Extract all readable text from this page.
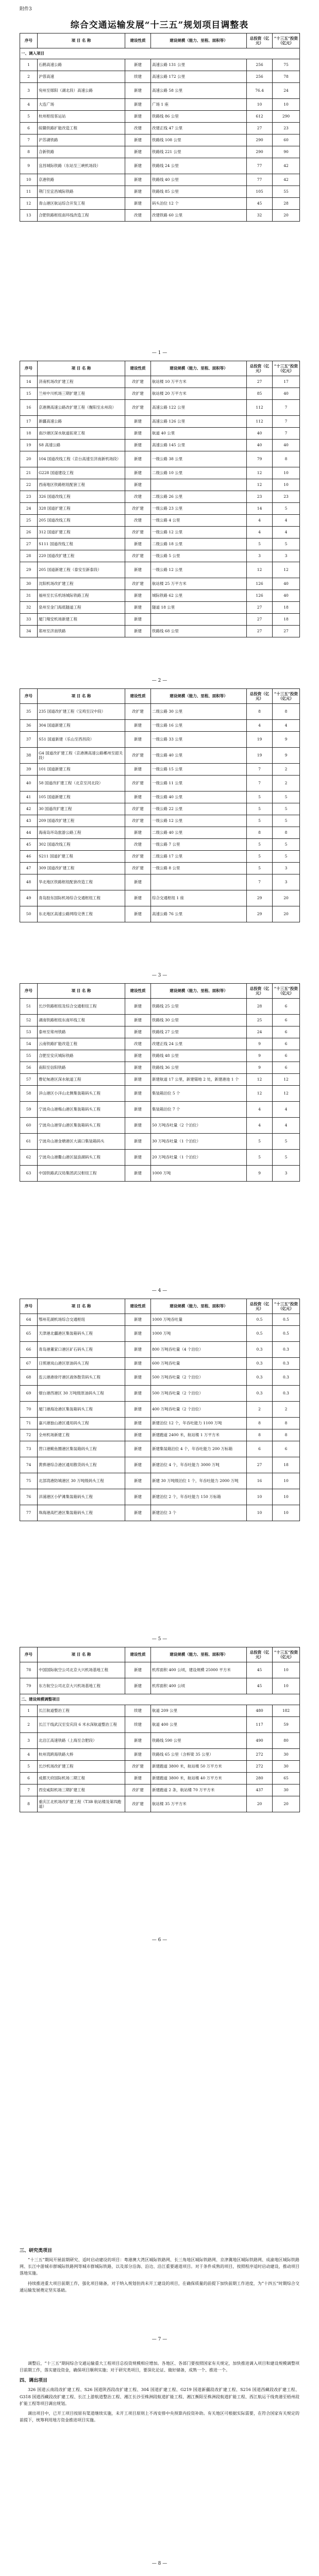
附件3
综合交通运输发展“十三五”规划项目调整表
序号	项 目 名 称	建设性质	建设规模（能力、里程、面积等）	总投资（亿元）	“十三五”投资（亿元）
一、调入项目					
1	石鹤高速公路	新建	高速公路 131 公里	256	75
2	沪蓉高速	续建	高速公路 172 公里	256	78
3	宛州至郧阳（湖北段）高速公路	新建	高速公路 58 公里	76.4	24
4	大连广场	新建	广场 1 座	10	10
5	杭州枢纽客运站	新建	铁路线 86 公里	612	290
6	皖赣铁路扩能改造工程	改建	改建正线 47 公里	27	23
7	沪苏湖铁路	新建	铁路线 108 公里	290	60
8	合新铁路	新建	铁路线 221 公里	290	90
9	宜昌城际铁路（东站至三峡机场段）	新建	铁路线 24 公里	77	42
10	京港铁路	新建	铁路线 40 公里	77	42
11	荆门至宜昌城际铁路	新建	铁路线 85 公里	105	55
12	青山港区航运综合开发工程	新建	码头泊位 12 个	45	28
13	合肥铁路枢纽南环线改造工程	改建	改建铁路 60 公里	32	20
— 1 —
序号	项 目 名 称	建设性质	建设规模（能力、里程、面积等）	总投资（亿元）	“十三五”投资（亿元）
14	济南机场改扩建工程	改扩建	航站楼 10 万平方米	27	17
15	兰州中川机场三期扩建工程	改扩建	航站楼 20 万平方米	85	40
16	京港澳高速公路改扩建工程（衡阳至永州段）	改扩建	高速公路 122 公里	112	7
17	新疆高速公路	新建	高速公路 126 公里	112	7
18	南沙港区深水航道拓宽工程	新建	航道 40 公里	40	7
19	S8 高速公路	新建	高速公路 145 公里	40	40
20	104 国道改线工程（京台高速至济南新机场段）	新建	一级公路 38 公里	79	8
21	G228 国道建设工程	新建	二级公路 10 公里	12	10
22	西南地区铁路枢纽配套工程	新建		12	10
23	326 国道改线工程	改建	二级公路 26 公里	23	23
24	328 国道扩建工程	改扩建	一级公路 23 公里	14	5
25	205 国道改线工程	改建	一级公路 4 公里	4	4
26	312 国道扩建工程	改扩建	一级公路 12 公里	4	4
27	S111 国道改线工程	新建	二级公路 18 公里	5	5
28	220 国道改扩建工程	改扩建	一级公路 5 公里	3	3
29	205 国道新建工程（泰安至新泰段）	新建	一级公路 12 公里	12	12
30	沈阳机场改扩建工程	改扩建	航站楼 25 万平方米	126	40
31	福州至长乐机场城际铁路工程	新建	城际铁路 62 公里	126	40
32	泉州至金门海底隧道工程	新建	隧道 18 公里	27	18
33	厦门翔安机场新建工程	新建		27	18
34	郑州至济南铁路	新建	铁路线 68 公里	27	27
— 2 —
序号	项 目 名 称	建设性质	建设规模（能力、里程、面积等）	总投资（亿元）	“十三五”投资（亿元）
35	235 国道改扩建工程（宝鸡至汉中段）	改扩建	二级公路 30 公里	8	8
36	304 国道新建工程	新建	一级公路 16 公里	4	4
37	S51 国道新建（乐山至西昌段）	新建	一级公路 33 公里	19	9
38	G4 国道改扩建工程（京港澳高速公路郴州至韶关段）	改扩建	一级公路 40 公里	19	9
39	101 国道新建工程	新建	一级公路 15 公里	7	2
40	58 国道改扩建工程（北京至河北段）	改扩建	一级公路 11 公里	7	2
41	105 国道新建工程	新建	一级公路 40 公里	5	5
42	30 国道改扩建工程	改扩建	一级公路 22 公里	5	5
43	209 国道改扩建工程	改扩建	一级公路 12 公里	5	5
44	海南岛环岛旅游公路工程	新建	二级公路 40 公里	8	8
45	302 国道改线工程	改建	一级公路 7 公里	5	5
46	S211 国道扩建工程	改扩建	二级公路 17 公里	5	5
47	309 国道改扩建工程	改扩建	一级公路 8 公里	5	3
48	华北地区铁路枢纽配套改造工程	新建		7	3
49	青岛胶东国际机场综合交通枢纽工程	新建	综合交通枢纽 1 座	29	20
50	东北地区高速公路网络完善工程	新建	高速公路 76 公里	29	20
— 3 —
序号	项 目 名 称	建设性质	建设规模（能力、里程、面积等）	总投资（亿元）	“十三五”投资（亿元）
51	长沙铁路枢纽及综合交通枢纽工程	新建	铁路线 25 公里	28	6
52	湖南铁路枢纽东南环线工程	新建	铁路线 30 公里	25	6
53	泰州至常州铁路	新建	铁路线 27 公里	24	6
54	云南铁路扩能改造工程	改建	改建正线 24 公里	9	6
55	合肥至安庆城际铁路	新建	铁路线 48 公里	9	6
56	南阳至信阳铁路	新建	铁路线 36 公里	9	6
57	曹妃甸港区深水航道工程	新建	新建航道 17 公里，新建锚地 2 处，新建港池 1 个	12	12
58	洋山港区小洋山北侧集装箱码头工程	新建	集装箱泊位 5 个	12	12
59	宁波舟山港梅山港区集装箱码头工程	新建	集装箱泊位 7 个	4	4
60	宁波舟山港穿山港区集装箱码头工程	新建	50 万吨吞吐量（2 个泊位）	4	4
61	宁波舟山港金塘港区大浦口集装箱码头	新建	30 万吨吞吐量（1 个泊位）	5	5
62	宁波舟山港衢山港区鼠浪湖码头工程	新建	20 万吨吞吐量（1 个泊位）	5	5
63	中国铁路武汉局集团武汉枢纽工程	新建	1000 万吨	9	3
— 4 —
序号	项 目 名 称	建设性质	建设规模（能力、里程、面积等）	总投资（亿元）	“十三五”投资（亿元）
64	鄂州花湖机场综合交通枢纽	新建	1000 万吨吞吐量	0.5	0.5
65	天津港北疆港区集装箱码头工程	新建	1000 万吨	0.5	0.5
66	青岛港董家口港区矿石码头工程	新建	800 万吨吞吐量（4 个泊位）	0.3	0.3
67	日照港岚山港区原油码头工程	新建	600 万吨吞吐量	0.3	0.3
68	连云港港徐圩港区液体散货码头工程	新建	500 万吨吞吐量（2 个泊位）	0.3	0.3
69	烟台港西港区 30 万吨级原油码头工程	新建	500 万吨吞吐量（2 个泊位）	0.3	0.3
70	厦门港海沧港区集装箱码头工程	新建	400 万吨吞吐量（2 个泊位）	2	2
71	嘉兴港独山港区通用码头工程	新建	新建泊位 12 个，年吞吐能力 1100 万吨	8	8
72	全州机场新建工程	新建	新建跑道 2400 米，航站楼 1 万平方米	8	8
73	营口港鲅鱼圈港区集装箱码头工程	新建	新建集装箱泊位 4 个，年吞吐能力 200 万标箱	6	6
74	黄骅港综合港区通用散货码头工程	新建	新建泊位 4 个，年吞吐能力 3000 万吨	27	18
75	北部湾港防城港区 30 万吨级码头工程	新建	新建 30 万吨级泊位 1 个，年吞吐能力 2000 万吨	16	10
76	洋浦港区小铲滩集装箱码头工程	新建	新建泊位 2 个，年吞吐能力 150 万标箱	10	10
77	珠海港高栏港区集装箱码头工程	新建	新建泊位 3 个	10	10
— 5 —
序号	项 目 名 称	建设性质	建设规模（能力、里程、面积等）	总投资（亿元）	“十三五”投资（亿元）
78	中国国际航空公司北京大兴机场基地工程	新建	机库面积 400 公顷，建设规模 25000 平方米	45	10
79	东方航空公司北京大兴机场基地工程	新建	机库面积 400 公顷	45	10
二、建设规模调整项目					
1	长江航道整治工程	续建	航道 209 公里	480	182
2	长江干线武汉至安庆段 6 米水深航道整治工程	续建	航道 400 公里	117	59
3	北沿江高速铁路（上海至合肥段）	新建	铁路线 590 公里	490	80
4	杭州湾跨海铁路大桥	新建	铁路线 65 公里（含桥梁 35 公里）	272	30
5	长沙机场改扩建工程	改扩建	新建跑道 3800 米，航站楼 50 万平方米	272	30
6	成都天府国际机场二期工程	新建	新建跑道 3800 米，航站楼 40 万平方米	280	65
7	西安咸阳机场三期扩建工程	改扩建	新建跑道 2 条，航站楼 70 万平方米	437	30
8	重庆江北机场改扩建工程（T3B 航站楼及第四跑道）	改扩建	航站楼 35 万平方米	20	20
— 6 —
三、研究类项目

“十三五”期间开展前期研究、适时启动建设的项目：粤港澳大湾区城际铁路网、长三角地区城际铁路网、京津冀地区城际铁路网、成渝地区城际铁路网、长江中游城市群城际铁路网等城市群城际铁路，以及部分沿海、沿边、沿江重要通道项目。对于条件成熟的项目，按照程序适时启动建设，推动项目落地实施。

持续推进重大项目前期工作，强化项目储备，对于纳入规划但尚未开工建设的项目，在确保质量的前提下加快前期工作进度，为“十四五”时期综合交通运输发展奠定坚实基础。

— 7 —

调整后，“十三五”期间综合交通运输重大工程项目总投资规模相应增加。各地区、各部门要按照国家有关规定，加快推进调入项目和建设规模调整项目前期工作，落实建设资金，确保项目顺利实施；对于研究类项目，要深化论证、做好储备，成熟一个、推进一个。

四、调出项目

326 国道云南段改扩建工程、S26 国道陕西段改扩建工程、304 国道扩建工程、G219 国道新疆段改扩建工程、S216 国道西藏段改扩建工程、G318 国道西藏段改扩建工程、长江上游航道整治工程、湘江长沙至株洲段航道扩能工程、湘江衡阳至株洲段航道扩能工程、西江航运干线贵港至梧州段扩能工程等项目调出规划。

调出项目中，已开工项目按原有渠道继续实施，未开工项目原则上不再安排中央预算内投资补助。有关地区可根据实际需要，在符合国家有关规定的前提下，统筹利用地方资金推进项目实施。

— 8 —
